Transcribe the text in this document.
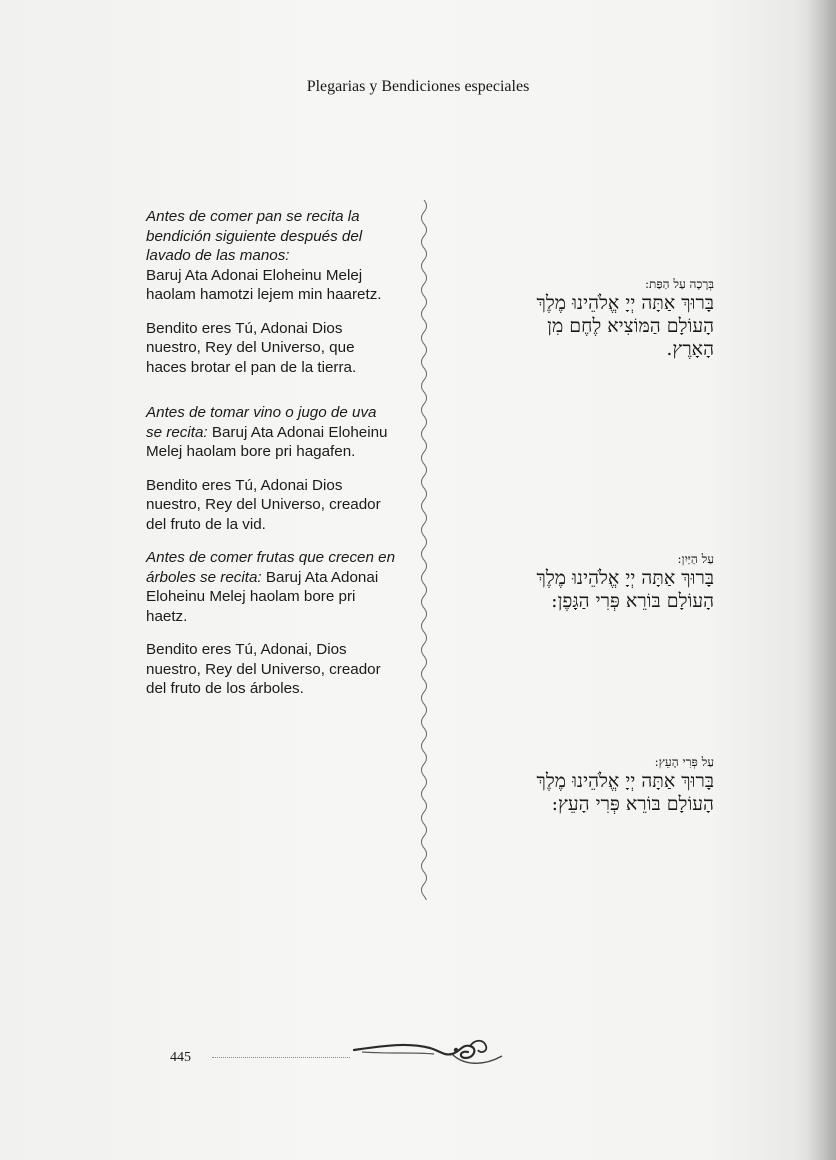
Plegarias y Bendiciones especiales

Antes de comer pan se recita la bendición siguiente después del lavado de las manos:
Baruj Ata Adonai Eloheinu Melej haolam hamotzi lejem min haaretz.

Bendito eres Tú, Adonai Dios nuestro, Rey del Universo, que haces brotar el pan de la tierra.

Antes de tomar vino o jugo de uva se recita: Baruj Ata Adonai Eloheinu Melej haolam bore pri hagafen.

Bendito eres Tú, Adonai Dios nuestro, Rey del Universo, creador del fruto de la vid.

Antes de comer frutas que crecen en árboles se recita: Baruj Ata Adonai Eloheinu Melej haolam bore pri haetz.

Bendito eres Tú, Adonai, Dios nuestro, Rey del Universo, creador del fruto de los árboles.

בְּרָכָה עַל הַפַּת:
בָּרוּךְ אַתָּה יְיָ אֱלֹהֵינוּ מֶלֶךְ
הָעוֹלָם הַמּוֹצִיא לֶחֶם מִן
הָאָרֶץ.
עַל הַיַּיִן:
בָּרוּךְ אַתָּה יְיָ אֱלֹהֵינוּ מֶלֶךְ
הָעוֹלָם בּוֹרֵא פְּרִי הַגָּפֶן:
עַל פְּרִי הָעֵץ:
בָּרוּךְ אַתָּה יְיָ אֱלֹהֵינוּ מֶלֶךְ
הָעוֹלָם בּוֹרֵא פְּרִי הָעֵץ:
445
